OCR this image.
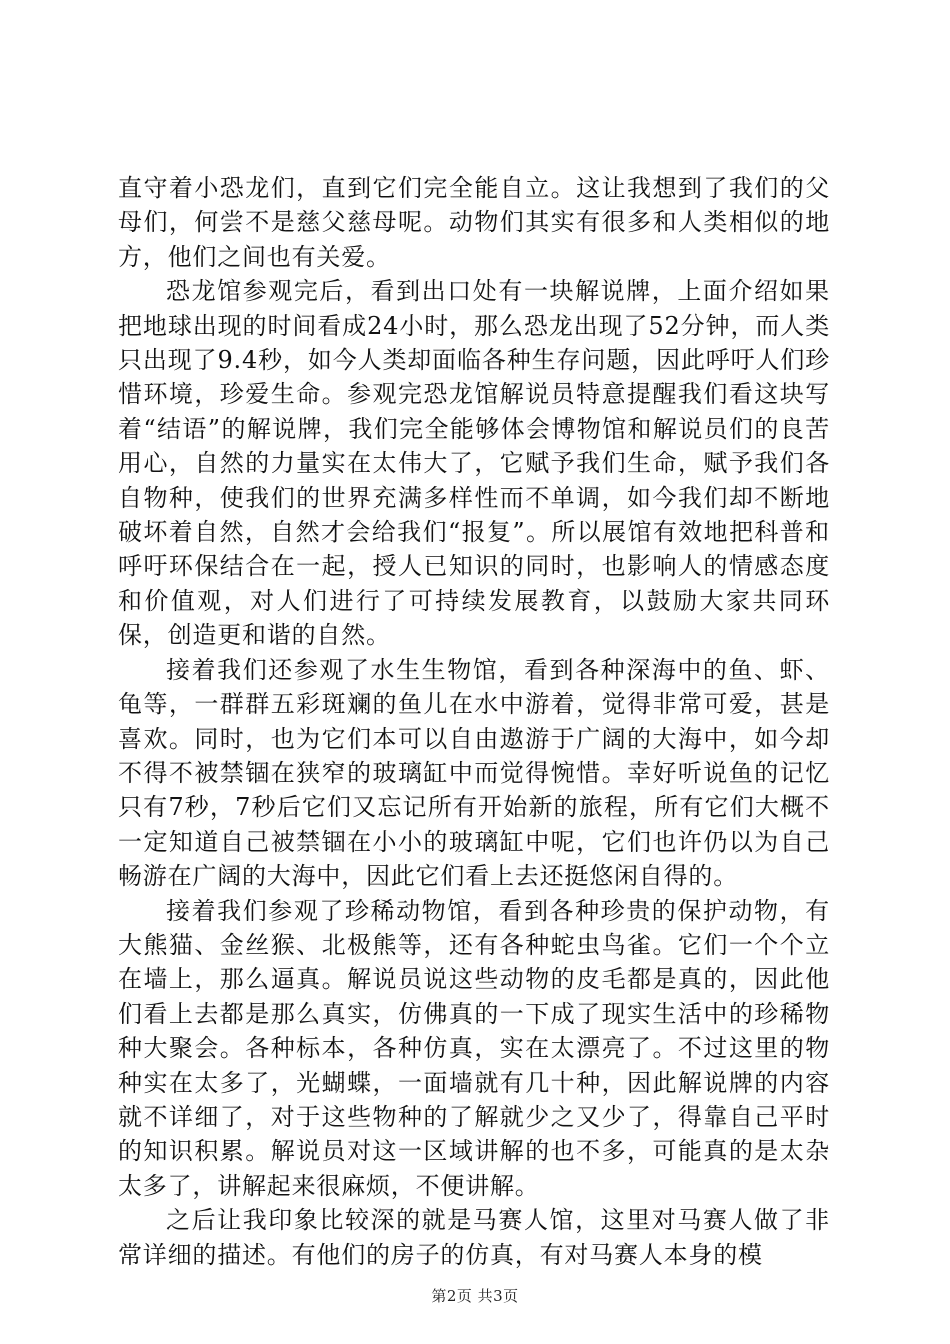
直守着小恐龙们，直到它们完全能自立。这让我想到了我们的父母们，何尝不是慈父慈母呢。动物们其实有很多和人类相似的地方，他们之间也有关爱。

恐龙馆参观完后，看到出口处有一块解说牌，上面介绍如果把地球出现的时间看成24小时，那么恐龙出现了52分钟，而人类只出现了9.4秒，如今人类却面临各种生存问题，因此呼吁人们珍惜环境，珍爱生命。参观完恐龙馆解说员特意提醒我们看这块写着“结语”的解说牌，我们完全能够体会博物馆和解说员们的良苦用心，自然的力量实在太伟大了，它赋予我们生命，赋予我们各自物种，使我们的世界充满多样性而不单调，如今我们却不断地破坏着自然，自然才会给我们“报复”。所以展馆有效地把科普和呼吁环保结合在一起，授人已知识的同时，也影响人的情感态度和价值观，对人们进行了可持续发展教育，以鼓励大家共同环保，创造更和谐的自然。

接着我们还参观了水生生物馆，看到各种深海中的鱼、虾、龟等，一群群五彩斑斓的鱼儿在水中游着，觉得非常可爱，甚是喜欢。同时，也为它们本可以自由遨游于广阔的大海中，如今却不得不被禁锢在狭窄的玻璃缸中而觉得惋惜。幸好听说鱼的记忆只有7秒，7秒后它们又忘记所有开始新的旅程，所有它们大概不一定知道自己被禁锢在小小的玻璃缸中呢，它们也许仍以为自己畅游在广阔的大海中，因此它们看上去还挺悠闲自得的。

接着我们参观了珍稀动物馆，看到各种珍贵的保护动物，有大熊猫、金丝猴、北极熊等，还有各种蛇虫鸟雀。它们一个个立在墙上，那么逼真。解说员说这些动物的皮毛都是真的，因此他们看上去都是那么真实，仿佛真的一下成了现实生活中的珍稀物种大聚会。各种标本，各种仿真，实在太漂亮了。不过这里的物种实在太多了，光蝴蝶，一面墙就有几十种，因此解说牌的内容就不详细了，对于这些物种的了解就少之又少了，得靠自己平时的知识积累。解说员对这一区域讲解的也不多，可能真的是太杂太多了，讲解起来很麻烦，不便讲解。

之后让我印象比较深的就是马赛人馆，这里对马赛人做了非常详细的描述。有他们的房子的仿真，有对马赛人本身的模

第2页 共3页
